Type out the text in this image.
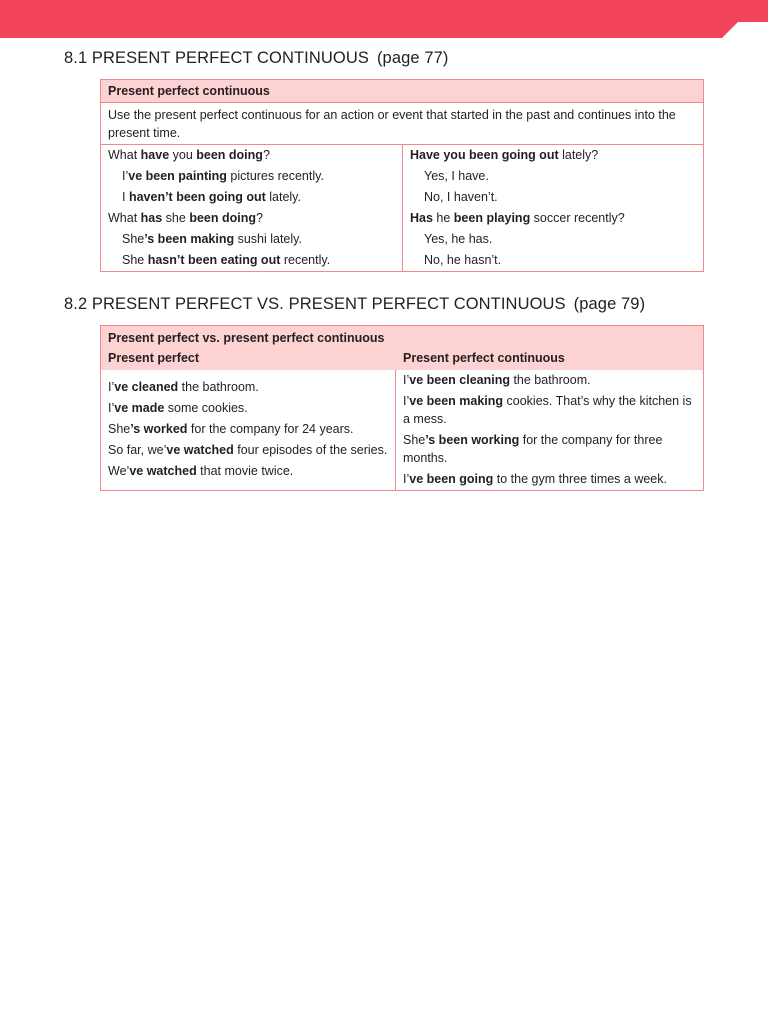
8.1 PRESENT PERFECT CONTINUOUS (page 77)
Present perfect continuous
Use the present perfect continuous for an action or event that started in the past and continues into the present time.
What have you been doing?
I’ve been painting pictures recently.
I haven’t been going out lately.
What has she been doing?
She’s been making sushi lately.
She hasn’t been eating out recently.
Have you been going out lately?
Yes, I have.
No, I haven’t.
Has he been playing soccer recently?
Yes, he has.
No, he hasn’t.
8.2 PRESENT PERFECT VS. PRESENT PERFECT CONTINUOUS (page 79)
Present perfect vs. present perfect continuous
Present perfect	Present perfect continuous
I’ve cleaned the bathroom.
I’ve made some cookies.
She’s worked for the company for 24 years.
So far, we’ve watched four episodes of the series.
We’ve watched that movie twice.
I’ve been cleaning the bathroom.
I’ve been making cookies. That’s why the kitchen is a mess.
She’s been working for the company for three months.
I’ve been going to the gym three times a week.
